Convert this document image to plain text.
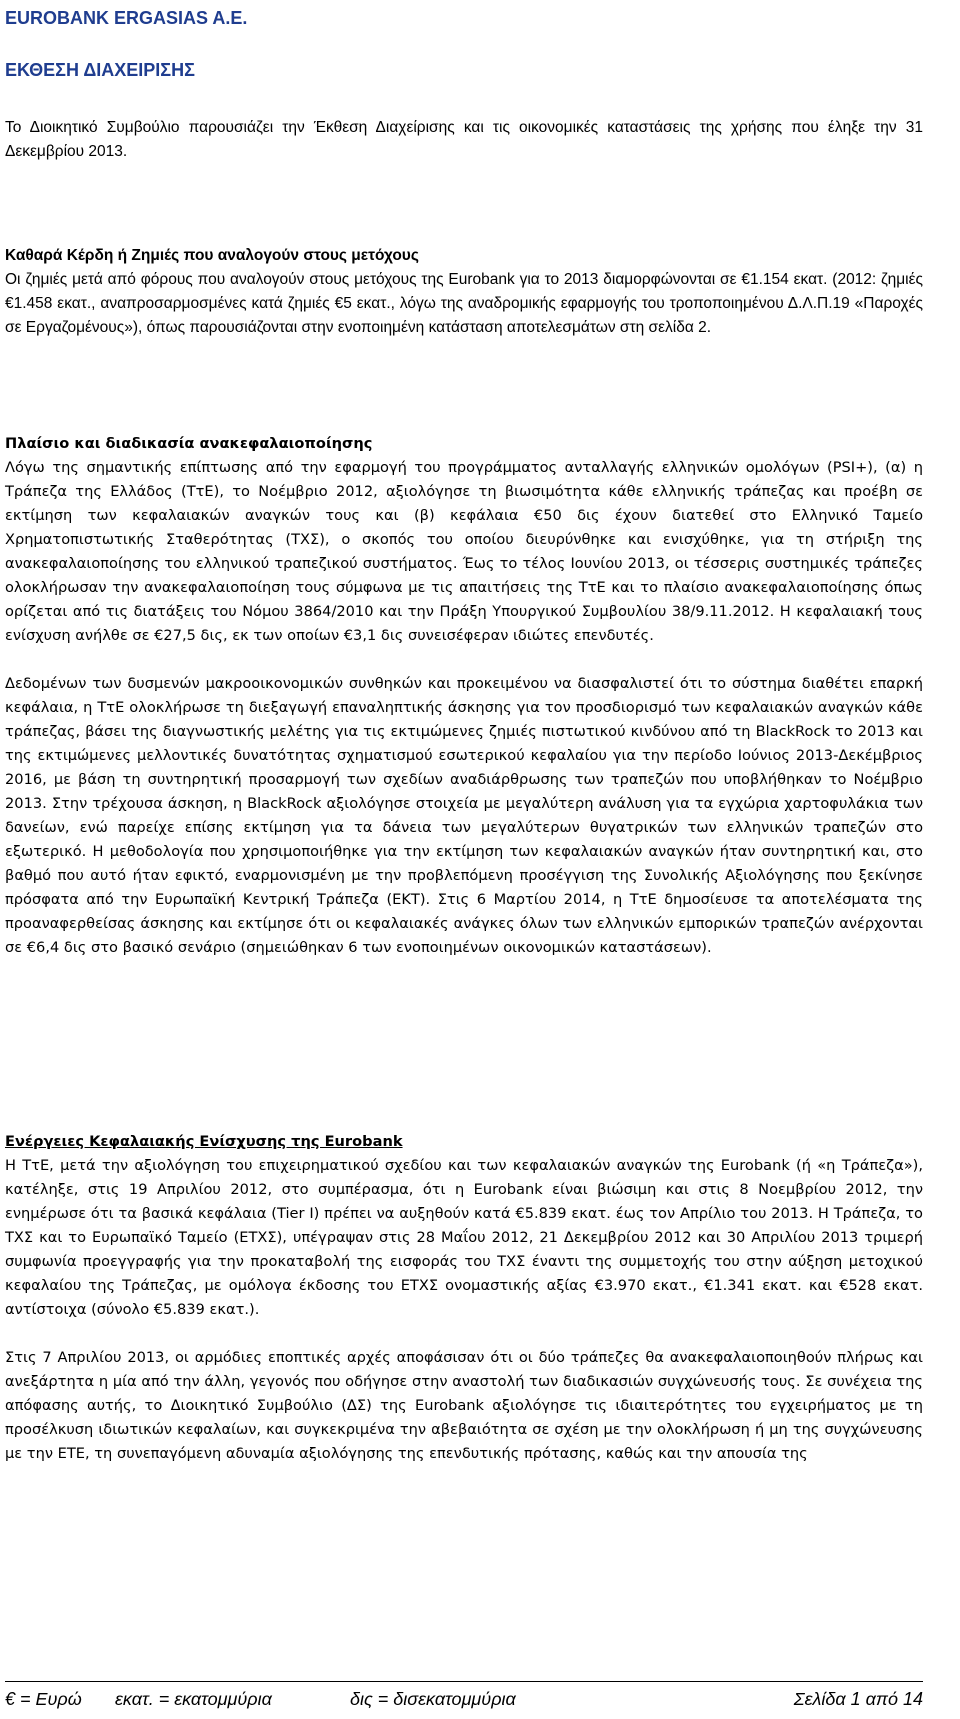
EUROBANK ERGASIAS A.E.
ΕΚΘΕΣΗ ΔΙΑΧΕΙΡΙΣΗΣ

Το Διοικητικό Συμβούλιο παρουσιάζει την Έκθεση Διαχείρισης και τις οικονομικές καταστάσεις της χρήσης που έληξε την 31 Δεκεμβρίου 2013.

Καθαρά Κέρδη ή Ζημιές που αναλογούν στους μετόχους

Οι ζημιές μετά από φόρους που αναλογούν στους μετόχους της Eurobank για το 2013 διαμορφώνονται σε €1.154 εκατ. (2012: ζημιές €1.458 εκατ., αναπροσαρμοσμένες κατά ζημιές €5 εκατ., λόγω της αναδρομικής εφαρμογής του τροποποιημένου Δ.Λ.Π.19 «Παροχές σε Εργαζομένους»), όπως παρουσιάζονται στην ενοποιημένη κατάσταση αποτελεσμάτων στη σελίδα 2.

Πλαίσιο και διαδικασία ανακεφαλαιοποίησης

Λόγω της σημαντικής επίπτωσης από την εφαρμογή του προγράμματος ανταλλαγής ελληνικών ομολόγων (PSI+), (α) η Τράπεζα της Ελλάδος (ΤτΕ), το Νοέμβριο 2012, αξιολόγησε τη βιωσιμότητα κάθε ελληνικής τράπεζας και προέβη σε εκτίμηση των κεφαλαιακών αναγκών τους και (β) κεφάλαια €50 δις έχουν διατεθεί στο Ελληνικό Ταμείο Χρηματοπιστωτικής Σταθερότητας (ΤΧΣ), ο σκοπός του οποίου διευρύνθηκε και ενισχύθηκε, για τη στήριξη της ανακεφαλαιοποίησης του ελληνικού τραπεζικού συστήματος. Έως το τέλος Ιουνίου 2013, οι τέσσερις συστημικές τράπεζες ολοκλήρωσαν την ανακεφαλαιοποίηση τους σύμφωνα με τις απαιτήσεις της ΤτΕ και το πλαίσιο ανακεφαλαιοποίησης όπως ορίζεται από τις διατάξεις του Νόμου 3864/2010 και την Πράξη Υπουργικού Συμβουλίου 38/9.11.2012. Η κεφαλαιακή τους ενίσχυση ανήλθε σε €27,5 δις, εκ των οποίων €3,1 δις συνεισέφεραν ιδιώτες επενδυτές.

Δεδομένων των δυσμενών μακροοικονομικών συνθηκών και προκειμένου να διασφαλιστεί ότι το σύστημα διαθέτει επαρκή κεφάλαια, η ΤτΕ ολοκλήρωσε τη διεξαγωγή επαναληπτικής άσκησης για τον προσδιορισμό των κεφαλαιακών αναγκών κάθε τράπεζας, βάσει της διαγνωστικής μελέτης για τις εκτιμώμενες ζημιές πιστωτικού κινδύνου από τη BlackRock το 2013 και της εκτιμώμενες μελλοντικές δυνατότητας σχηματισμού εσωτερικού κεφαλαίου για την περίοδο Ιούνιος 2013-Δεκέμβριος 2016, με βάση τη συντηρητική προσαρμογή των σχεδίων αναδιάρθρωσης των τραπεζών που υποβλήθηκαν το Νοέμβριο 2013. Στην τρέχουσα άσκηση, η BlackRock αξιολόγησε στοιχεία με μεγαλύτερη ανάλυση για τα εγχώρια χαρτοφυλάκια των δανείων, ενώ παρείχε επίσης εκτίμηση για τα δάνεια των μεγαλύτερων θυγατρικών των ελληνικών τραπεζών στο εξωτερικό. Η μεθοδολογία που χρησιμοποιήθηκε για την εκτίμηση των κεφαλαιακών αναγκών ήταν συντηρητική και, στο βαθμό που αυτό ήταν εφικτό, εναρμονισμένη με την προβλεπόμενη προσέγγιση της Συνολικής Αξιολόγησης που ξεκίνησε πρόσφατα από την Ευρωπαϊκή Κεντρική Τράπεζα (ΕΚΤ). Στις 6 Μαρτίου 2014, η ΤτΕ δημοσίευσε τα αποτελέσματα της προαναφερθείσας άσκησης και εκτίμησε ότι οι κεφαλαιακές ανάγκες όλων των ελληνικών εμπορικών τραπεζών ανέρχονται σε €6,4 δις στο βασικό σενάριο (σημειώθηκαν 6 των ενοποιημένων οικονομικών καταστάσεων).

Ενέργειες Κεφαλαιακής Ενίσχυσης της Eurobank

Η ΤτΕ, μετά την αξιολόγηση του επιχειρηματικού σχεδίου και των κεφαλαιακών αναγκών της Eurobank (ή «η Τράπεζα»), κατέληξε, στις 19 Απριλίου 2012, στο συμπέρασμα, ότι η Eurobank είναι βιώσιμη και στις 8 Νοεμβρίου 2012, την ενημέρωσε ότι τα βασικά κεφάλαια (Tier I) πρέπει να αυξηθούν κατά €5.839 εκατ. έως τον Απρίλιο του 2013. Η Τράπεζα, το ΤΧΣ και το Ευρωπαϊκό Ταμείο (ΕΤΧΣ), υπέγραψαν στις 28 Μαΐου 2012, 21 Δεκεμβρίου 2012 και 30 Απριλίου 2013 τριμερή συμφωνία προεγγραφής για την προκαταβολή της εισφοράς του ΤΧΣ έναντι της συμμετοχής του στην αύξηση μετοχικού κεφαλαίου της Τράπεζας, με ομόλογα έκδοσης του ΕΤΧΣ ονομαστικής αξίας €3.970 εκατ., €1.341 εκατ. και €528 εκατ. αντίστοιχα (σύνολο €5.839 εκατ.).

Στις 7 Απριλίου 2013, οι αρμόδιες εποπτικές αρχές αποφάσισαν ότι οι δύο τράπεζες θα ανακεφαλαιοποιηθούν πλήρως και ανεξάρτητα η μία από την άλλη, γεγονός που οδήγησε στην αναστολή των διαδικασιών συγχώνευσής τους. Σε συνέχεια της απόφασης αυτής, το Διοικητικό Συμβούλιο (ΔΣ) της Eurobank αξιολόγησε τις ιδιαιτερότητες του εγχειρήματος με τη προσέλκυση ιδιωτικών κεφαλαίων, και συγκεκριμένα την αβεβαιότητα σε σχέση με την ολοκλήρωση ή μη της συγχώνευσης με την ΕΤΕ, τη συνεπαγόμενη αδυναμία αξιολόγησης της επενδυτικής πρότασης, καθώς και την απουσία της

€ = Ευρώ εκατ. = εκατομμύρια	δις = δισεκατομμύρια	Σελίδα 1 από 14
